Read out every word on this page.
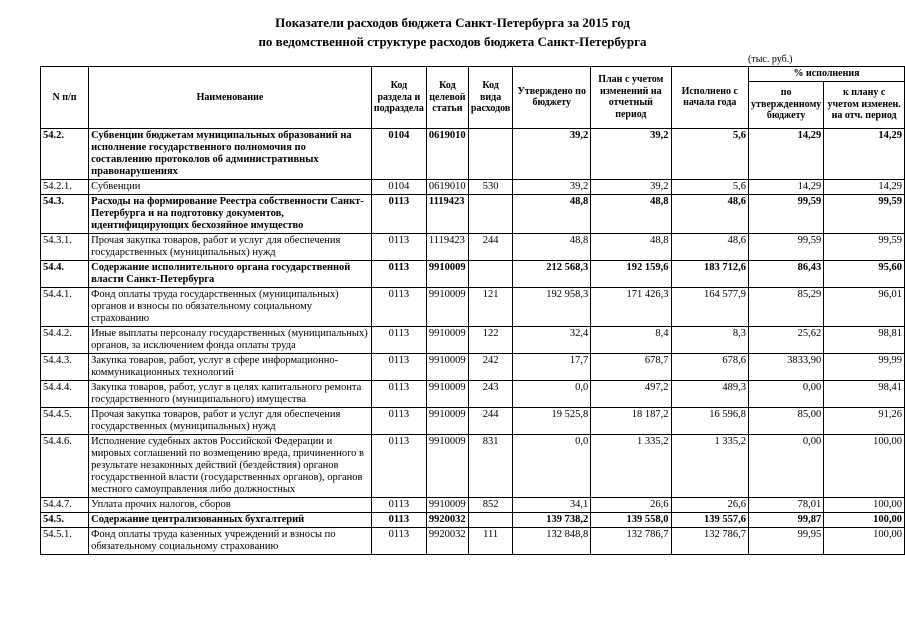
Показатели расходов бюджета Санкт-Петербурга за 2015 год
по ведомственной структуре расходов бюджета Санкт-Петербурга
(тыс. руб.)
N п/п	Наименование	Код раздела и подраздела	Код целевой статьи	Код вида расходов	Утверждено по бюджету	План с учетом изменений на отчетный период	Исполнено с начала года	% исполнения	
								по утвержденному бюджету	к плану с учетом изменен. на отч. период
54.2.	Субвенции бюджетам муниципальных образований на исполнение государственного полномочия по составлению протоколов об административных правонарушениях	0104	0619010		39,2	39,2	5,6	14,29	14,29
54.2.1.	Субвенции	0104	0619010	530	39,2	39,2	5,6	14,29	14,29
54.3.	Расходы на формирование Реестра собственности Санкт-Петербурга и на подготовку документов, идентифицирующих бесхозяйное имущество	0113	1119423		48,8	48,8	48,6	99,59	99,59
54.3.1.	Прочая закупка товаров, работ и услуг для обеспечения государственных (муниципальных) нужд	0113	1119423	244	48,8	48,8	48,6	99,59	99,59
54.4.	Содержание исполнительного органа государственной власти Санкт-Петербурга	0113	9910009		212 568,3	192 159,6	183 712,6	86,43	95,60
54.4.1.	Фонд оплаты труда государственных (муниципальных) органов и взносы по обязательному социальному страхованию	0113	9910009	121	192 958,3	171 426,3	164 577,9	85,29	96,01
54.4.2.	Иные выплаты персоналу государственных (муниципальных) органов, за исключением фонда оплаты труда	0113	9910009	122	32,4	8,4	8,3	25,62	98,81
54.4.3.	Закупка товаров, работ, услуг в сфере информационно-коммуникационных технологий	0113	9910009	242	17,7	678,7	678,6	3833,90	99,99
54.4.4.	Закупка товаров, работ, услуг в целях капитального ремонта государственного (муниципального) имущества	0113	9910009	243	0,0	497,2	489,3	0,00	98,41
54.4.5.	Прочая закупка товаров, работ и услуг для обеспечения государственных (муниципальных) нужд	0113	9910009	244	19 525,8	18 187,2	16 596,8	85,00	91,26
54.4.6.	Исполнение судебных актов Российской Федерации и мировых соглашений по возмещению вреда, причиненного в результате незаконных действий (бездействия) органов государственной власти (государственных органов), органов местного самоуправления либо должностных	0113	9910009	831	0,0	1 335,2	1 335,2	0,00	100,00
54.4.7.	Уплата прочих налогов, сборов	0113	9910009	852	34,1	26,6	26,6	78,01	100,00
54.5.	Содержание централизованных бухгалтерий	0113	9920032		139 738,2	139 558,0	139 557,6	99,87	100,00
54.5.1.	Фонд оплаты труда казенных учреждений и взносы по обязательному социальному страхованию	0113	9920032	111	132 848,8	132 786,7	132 786,7	99,95	100,00
